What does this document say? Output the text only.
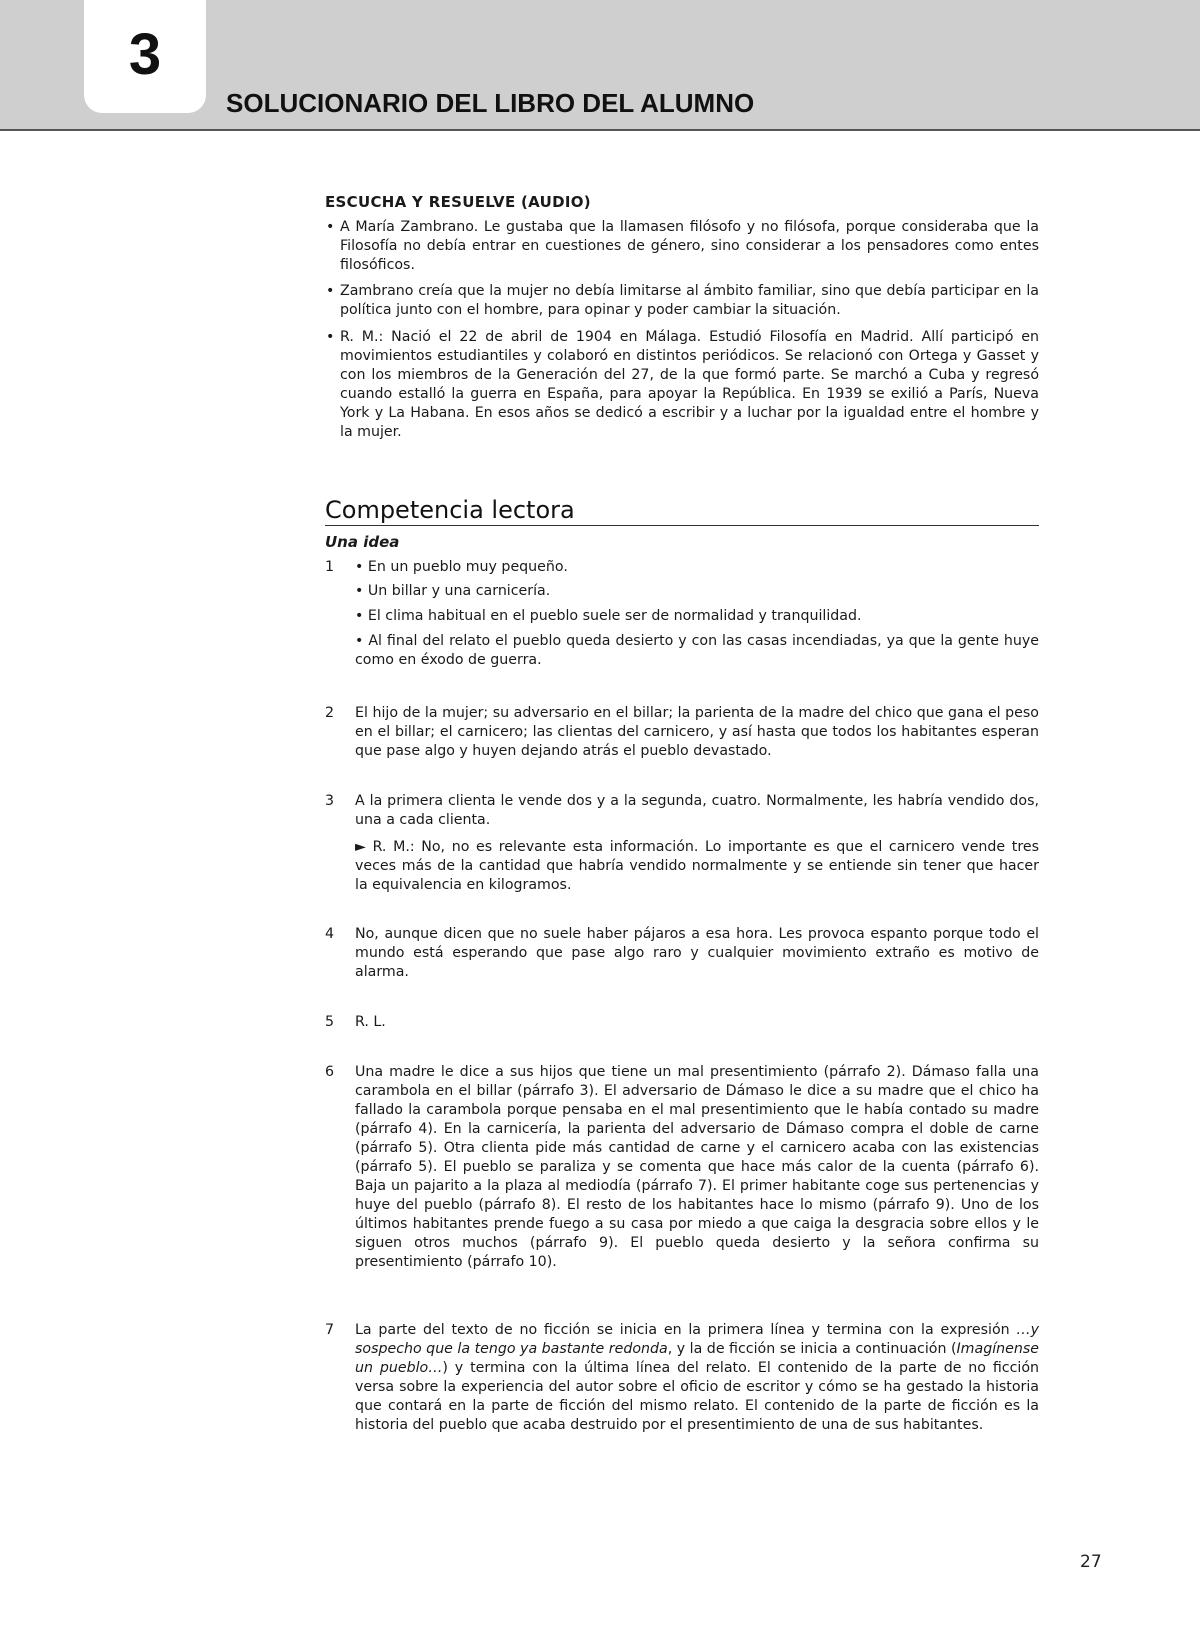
3
SOLUCIONARIO DEL LIBRO DEL ALUMNO
ESCUCHA Y RESUELVE (AUDIO)
• A María Zambrano. Le gustaba que la llamasen filósofo y no filósofa, porque consideraba que la Filosofía no debía entrar en cuestiones de género, sino considerar a los pensadores como entes filosóficos.
• Zambrano creía que la mujer no debía limitarse al ámbito familiar, sino que debía participar en la política junto con el hombre, para opinar y poder cambiar la situación.
• R. M.: Nació el 22 de abril de 1904 en Málaga. Estudió Filosofía en Madrid. Allí participó en movimientos estudiantiles y colaboró en distintos periódicos. Se relacionó con Ortega y Gasset y con los miembros de la Generación del 27, de la que formó parte. Se marchó a Cuba y regresó cuando estalló la guerra en España, para apoyar la República. En 1939 se exilió a París, Nueva York y La Habana. En esos años se dedicó a escribir y a luchar por la igualdad entre el hombre y la mujer.
Competencia lectora
Una idea
1 • En un pueblo muy pequeño.
• Un billar y una carnicería.
• El clima habitual en el pueblo suele ser de normalidad y tranquilidad.
• Al final del relato el pueblo queda desierto y con las casas incendiadas, ya que la gente huye como en éxodo de guerra.
2 El hijo de la mujer; su adversario en el billar; la parienta de la madre del chico que gana el peso en el billar; el carnicero; las clientas del carnicero, y así hasta que todos los habitantes esperan que pase algo y huyen dejando atrás el pueblo devastado.
3 A la primera clienta le vende dos y a la segunda, cuatro. Normalmente, les habría vendido dos, una a cada clienta.
► R. M.: No, no es relevante esta información. Lo importante es que el carnicero vende tres veces más de la cantidad que habría vendido normalmente y se entiende sin tener que hacer la equivalencia en kilogramos.
4 No, aunque dicen que no suele haber pájaros a esa hora. Les provoca espanto porque todo el mundo está esperando que pase algo raro y cualquier movimiento extraño es motivo de alarma.
5 R. L.
6 Una madre le dice a sus hijos que tiene un mal presentimiento (párrafo 2). Dámaso falla una carambola en el billar (párrafo 3). El adversario de Dámaso le dice a su madre que el chico ha fallado la carambola porque pensaba en el mal presentimiento que le había contado su madre (párrafo 4). En la carnicería, la parienta del adversario de Dámaso compra el doble de carne (párrafo 5). Otra clienta pide más cantidad de carne y el carnicero acaba con las existencias (párrafo 5). El pueblo se paraliza y se comenta que hace más calor de la cuenta (párrafo 6). Baja un pajarito a la plaza al mediodía (párrafo 7). El primer habitante coge sus pertenencias y huye del pueblo (párrafo 8). El resto de los habitantes hace lo mismo (párrafo 9). Uno de los últimos habitantes prende fuego a su casa por miedo a que caiga la desgracia sobre ellos y le siguen otros muchos (párrafo 9). El pueblo queda desierto y la señora confirma su presentimiento (párrafo 10).
7 La parte del texto de no ficción se inicia en la primera línea y termina con la expresión …y sospecho que la tengo ya bastante redonda, y la de ficción se inicia a continuación (Imagínense un pueblo…) y termina con la última línea del relato. El contenido de la parte de no ficción versa sobre la experiencia del autor sobre el oficio de escritor y cómo se ha gestado la historia que contará en la parte de ficción del mismo relato. El contenido de la parte de ficción es la historia del pueblo que acaba destruido por el presentimiento de una de sus habitantes.
27
